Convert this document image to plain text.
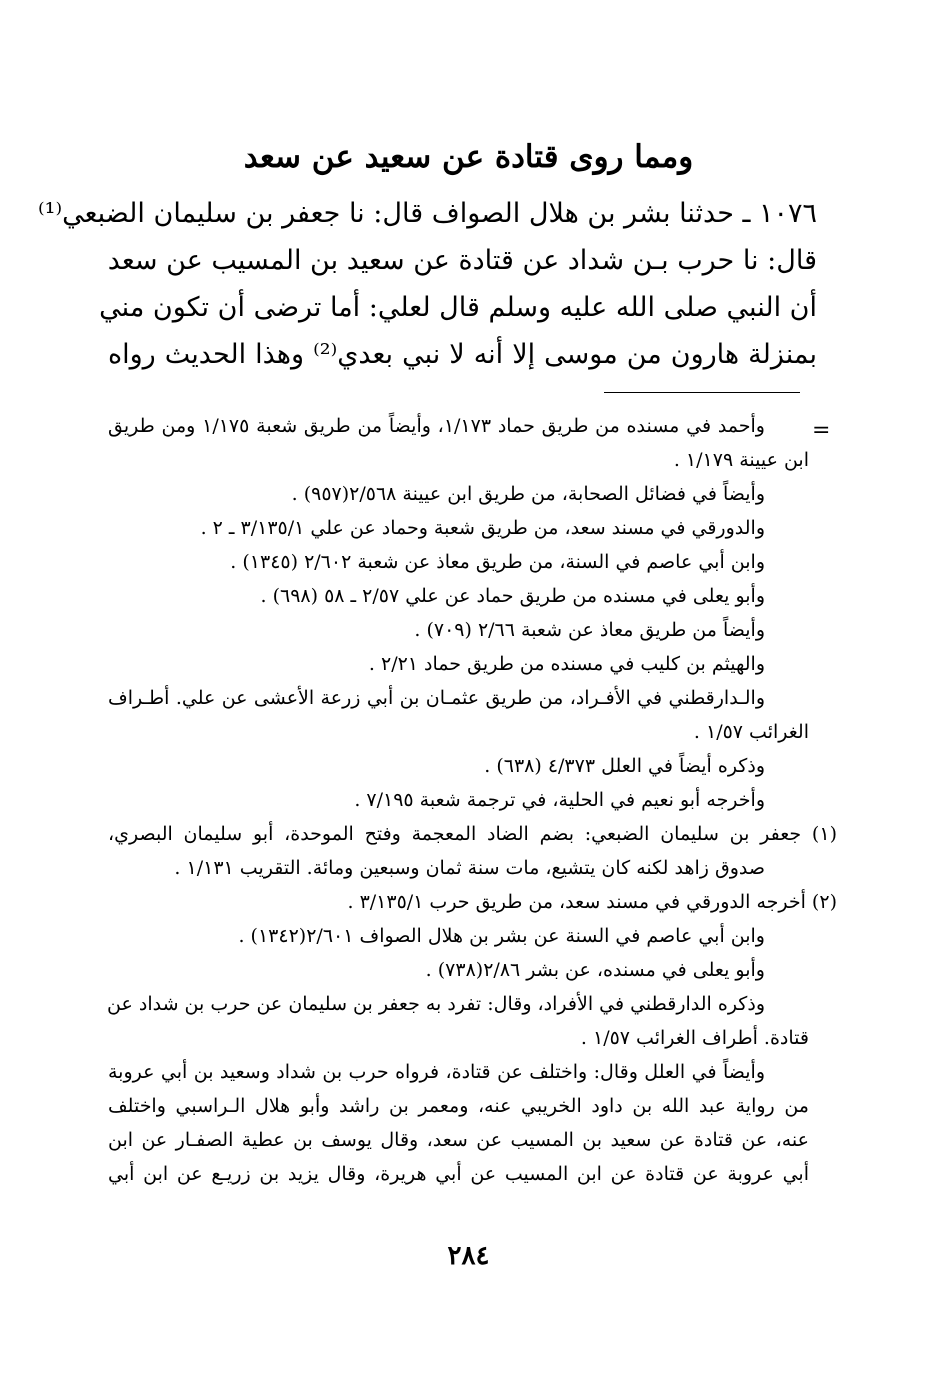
ومما روى قتادة عن سعيد عن سعد
١٠٧٦ ـ حدثنا بشر بن هلال الصواف قال: نا جعفر بن سليمان الضبعي⁽¹⁾
قال: نا حرب بـن شداد عن قتادة عن سعيد بن المسيب عن سعد
أن النبي صلى الله عليه وسلم قال لعلي: أما ترضى أن تكون مني
بمنزلة هارون من موسى إلا أنه لا نبي بعدي⁽²⁾ وهذا الحديث رواه
=
وأحمد في مسنده من طريق حماد ١/١٧٣، وأيضاً من طريق شعبة ١/١٧٥ ومن طريق
ابن عيينة ١/١٧٩ .
وأيضاً في فضائل الصحابة، من طريق ابن عيينة ٢/٥٦٨(٩٥٧) .
والدورقي في مسند سعد، من طريق شعبة وحماد عن علي ٣/١٣٥/١ ـ ٢ .
وابن أبي عاصم في السنة، من طريق معاذ عن شعبة ٢/٦٠٢ (١٣٤٥) .
وأبو يعلى في مسنده من طريق حماد عن علي ٢/٥٧ ـ ٥٨ (٦٩٨) .
وأيضاً من طريق معاذ عن شعبة ٢/٦٦ (٧٠٩) .
والهيثم بن كليب في مسنده من طريق حماد ٢/٢١ .
والـدارقطني في الأفـراد، من طريق عثمـان بن أبي زرعة الأعشى عن علي. أطـراف
الغرائب ١/٥٧ .
وذكره أيضاً في العلل ٤/٣٧٣ (٦٣٨) .
وأخرجه أبو نعيم في الحلية، في ترجمة شعبة ٧/١٩٥ .
(١) جعفر بن سليمان الضبعي: بضم الضاد المعجمة وفتح الموحدة، أبو سليمان البصري،
صدوق زاهد لكنه كان يتشيع، مات سنة ثمان وسبعين ومائة. التقريب ١/١٣١ .
(٢) أخرجه الدورقي في مسند سعد، من طريق حرب ٣/١٣٥/١ .
وابن أبي عاصم في السنة عن بشر بن هلال الصواف ٢/٦٠١(١٣٤٢) .
وأبو يعلى في مسنده، عن بشر ٢/٨٦(٧٣٨) .
وذكره الدارقطني في الأفراد، وقال: تفرد به جعفر بن سليمان عن حرب بن شداد عن
قتادة. أطراف الغرائب ١/٥٧ .
وأيضاً في العلل وقال: واختلف عن قتادة، فرواه حرب بن شداد وسعيد بن أبي عروبة
من رواية عبد الله بن داود الخريبي عنه، ومعمر بن راشد وأبو هلال الـراسبي واختلف
عنه، عن قتادة عن سعيد بن المسيب عن سعد، وقال يوسف بن عطية الصفـار عن ابن
أبي عروبة عن قتادة عن ابن المسيب عن أبي هريرة، وقال يزيد بن زريـع عن ابن أبي
٢٨٤
